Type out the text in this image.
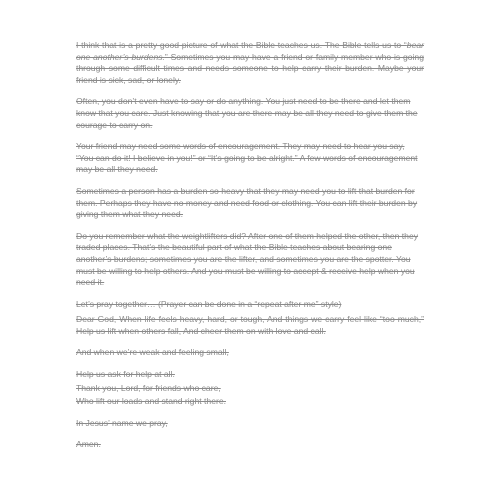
I think that is a pretty good picture of what the Bible teaches us. The Bible tells us to “bear one another’s burdens.” Sometimes you may have a friend or family member who is going through some difficult times and needs someone to help carry their burden. Maybe your friend is sick, sad, or lonely.

Often, you don’t even have to say or do anything. You just need to be there and let them know that you care. Just knowing that you are there may be all they need to give them the courage to carry on.

Your friend may need some words of encouragement. They may need to hear you say, “You can do it! I believe in you!” or “It’s going to be alright.” A few words of encouragement may be all they need.

Sometimes a person has a burden so heavy that they may need you to lift that burden for them. Perhaps they have no money and need food or clothing. You can lift their burden by giving them what they need.

Do you remember what the weightlifters did? After one of them helped the other, then they traded places. That’s the beautiful part of what the Bible teaches about bearing one another’s burdens; sometimes you are the lifter, and sometimes you are the spotter. You must be willing to help others. And you must be willing to accept & receive help when you need it.

Let’s pray together… (Prayer can be done in a “repeat after me” style)

Dear God, When life feels heavy, hard, or tough, And things we carry feel like “too much,” Help us lift when others fall, And cheer them on with love and call.

And when we’re weak and feeling small,

Help us ask for help at all.

Thank you, Lord, for friends who care,

Who lift our loads and stand right there.

In Jesus’ name we pray,

Amen.
